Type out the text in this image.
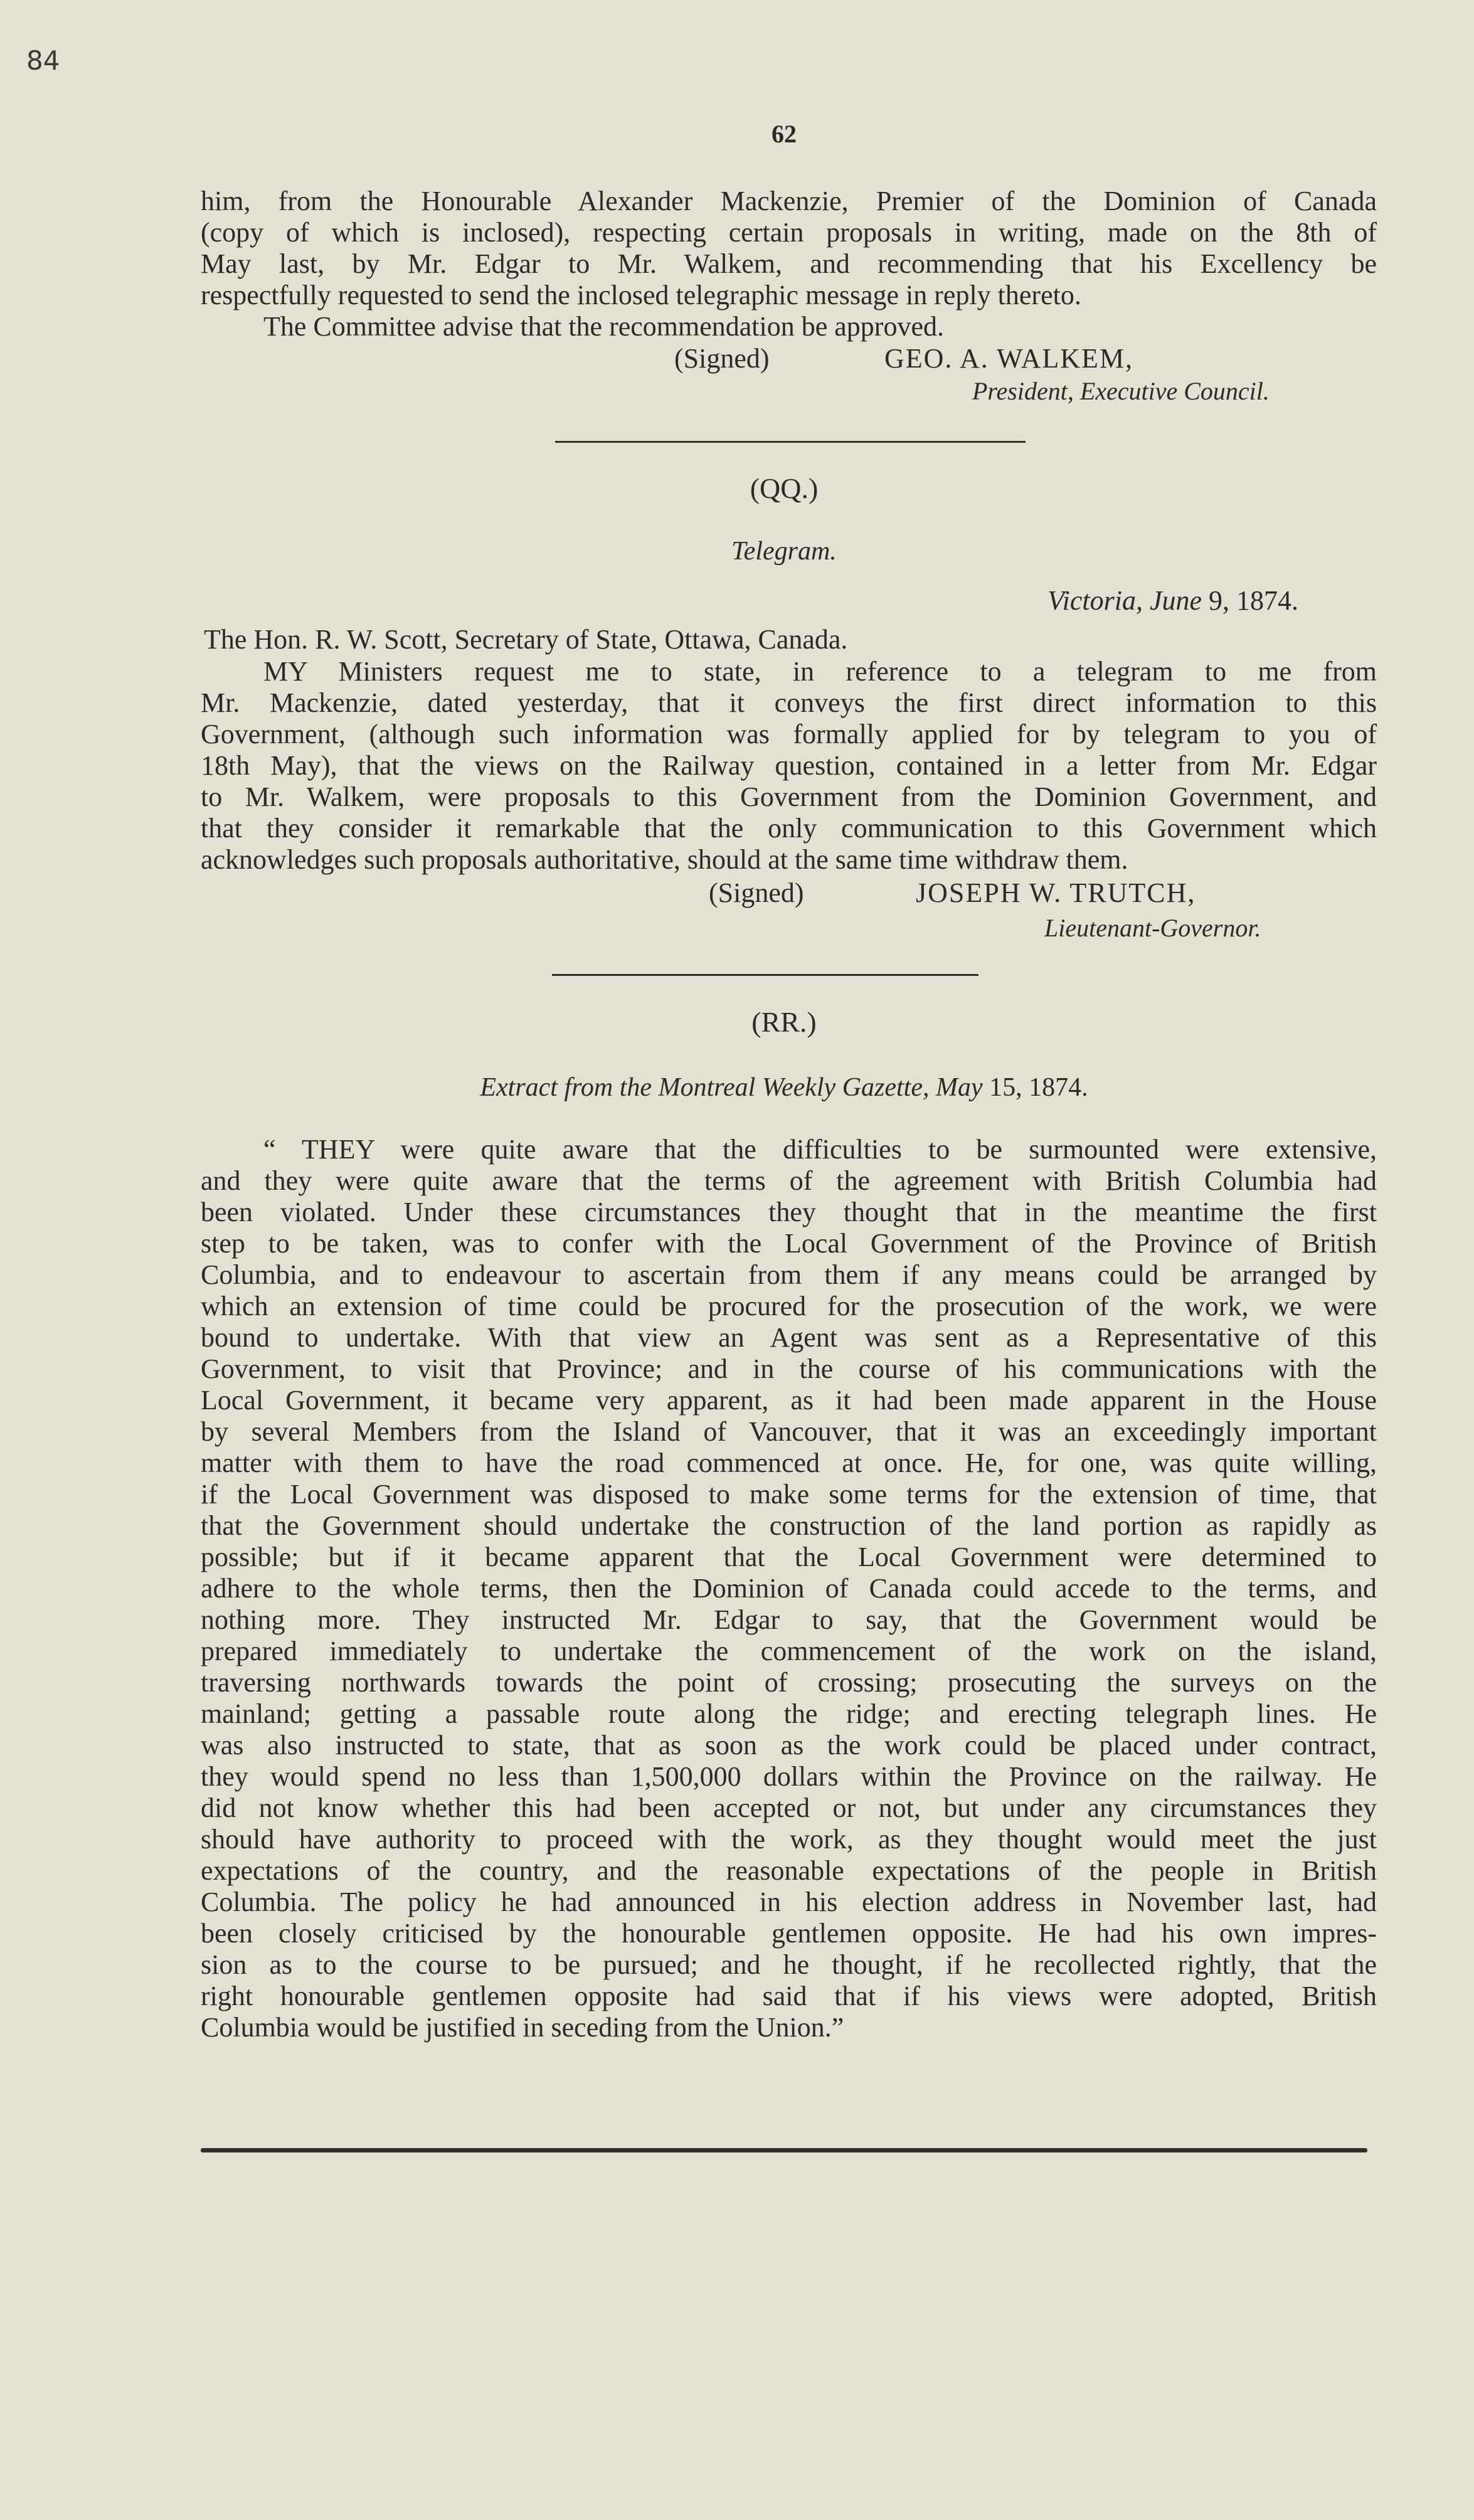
84
62
him, from the Honourable Alexander Mackenzie, Premier of the Dominion of Canada
(copy of which is inclosed), respecting certain proposals in writing, made on the 8th of
May last, by Mr. Edgar to Mr. Walkem, and recommending that his Excellency be
respectfully requested to send the inclosed telegraphic message in reply thereto.
The Committee advise that the recommendation be approved.
(Signed)	GEO. A. WALKEM,
President, Executive Council.
(QQ.)
Telegram.
Victoria, June 9, 1874.
The Hon. R. W. Scott, Secretary of State, Ottawa, Canada.
MY Ministers request me to state, in reference to a telegram to me from
Mr. Mackenzie, dated yesterday, that it conveys the first direct information to this
Government, (although such information was formally applied for by telegram to you of
18th May), that the views on the Railway question, contained in a letter from Mr. Edgar
to Mr. Walkem, were proposals to this Government from the Dominion Government, and
that they consider it remarkable that the only communication to this Government which
acknowledges such proposals authoritative, should at the same time withdraw them.
(Signed)	JOSEPH W. TRUTCH,
Lieutenant-Governor.
(RR.)
Extract from the Montreal Weekly Gazette, May 15, 1874.
“ THEY were quite aware that the difficulties to be surmounted were extensive,
and they were quite aware that the terms of the agreement with British Columbia had
been violated. Under these circumstances they thought that in the meantime the first
step to be taken, was to confer with the Local Government of the Province of British
Columbia, and to endeavour to ascertain from them if any means could be arranged by
which an extension of time could be procured for the prosecution of the work, we were
bound to undertake. With that view an Agent was sent as a Representative of this
Government, to visit that Province; and in the course of his communications with the
Local Government, it became very apparent, as it had been made apparent in the House
by several Members from the Island of Vancouver, that it was an exceedingly important
matter with them to have the road commenced at once. He, for one, was quite willing,
if the Local Government was disposed to make some terms for the extension of time, that
that the Government should undertake the construction of the land portion as rapidly as
possible; but if it became apparent that the Local Government were determined to
adhere to the whole terms, then the Dominion of Canada could accede to the terms, and
nothing more. They instructed Mr. Edgar to say, that the Government would be
prepared immediately to undertake the commencement of the work on the island,
traversing northwards towards the point of crossing; prosecuting the surveys on the
mainland; getting a passable route along the ridge; and erecting telegraph lines. He
was also instructed to state, that as soon as the work could be placed under contract,
they would spend no less than 1,500,000 dollars within the Province on the railway. He
did not know whether this had been accepted or not, but under any circumstances they
should have authority to proceed with the work, as they thought would meet the just
expectations of the country, and the reasonable expectations of the people in British
Columbia. The policy he had announced in his election address in November last, had
been closely criticised by the honourable gentlemen opposite. He had his own impres-
sion as to the course to be pursued; and he thought, if he recollected rightly, that the
right honourable gentlemen opposite had said that if his views were adopted, British
Columbia would be justified in seceding from the Union.”
